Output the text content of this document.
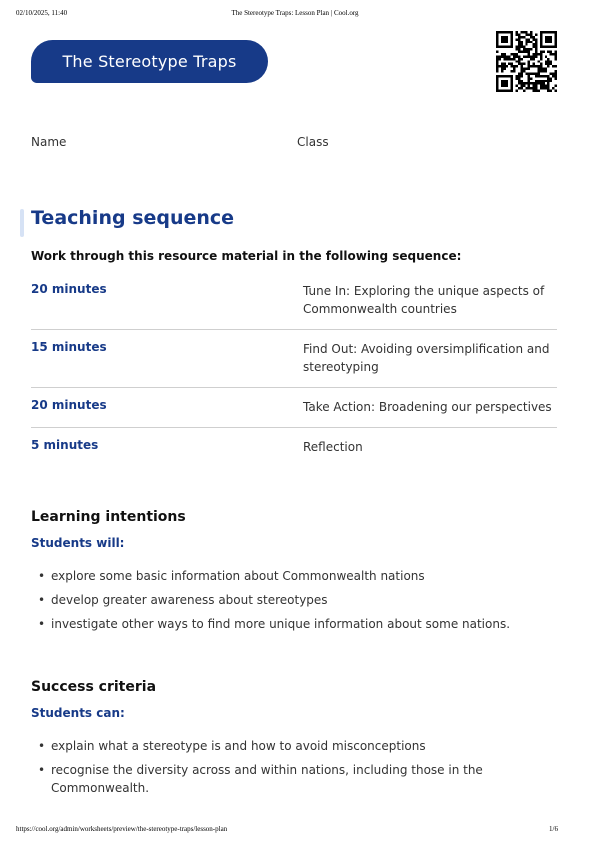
02/10/2025, 11:40	The Stereotype Traps: Lesson Plan | Cool.org
The Stereotype Traps
Name	Class
Teaching sequence
Work through this resource material in the following sequence:
20 minutes	Tune In: Exploring the unique aspects of Commonwealth countries
15 minutes	Find Out: Avoiding oversimplification and stereotyping
20 minutes	Take Action: Broadening our perspectives
5 minutes	Reflection
Learning intentions
Students will:
• explore some basic information about Commonwealth nations
• develop greater awareness about stereotypes
• investigate other ways to find more unique information about some nations.
Success criteria
Students can:
• explain what a stereotype is and how to avoid misconceptions
• recognise the diversity across and within nations, including those in the Commonwealth.
https://cool.org/admin/worksheets/preview/the-stereotype-traps/lesson-plan	1/6
